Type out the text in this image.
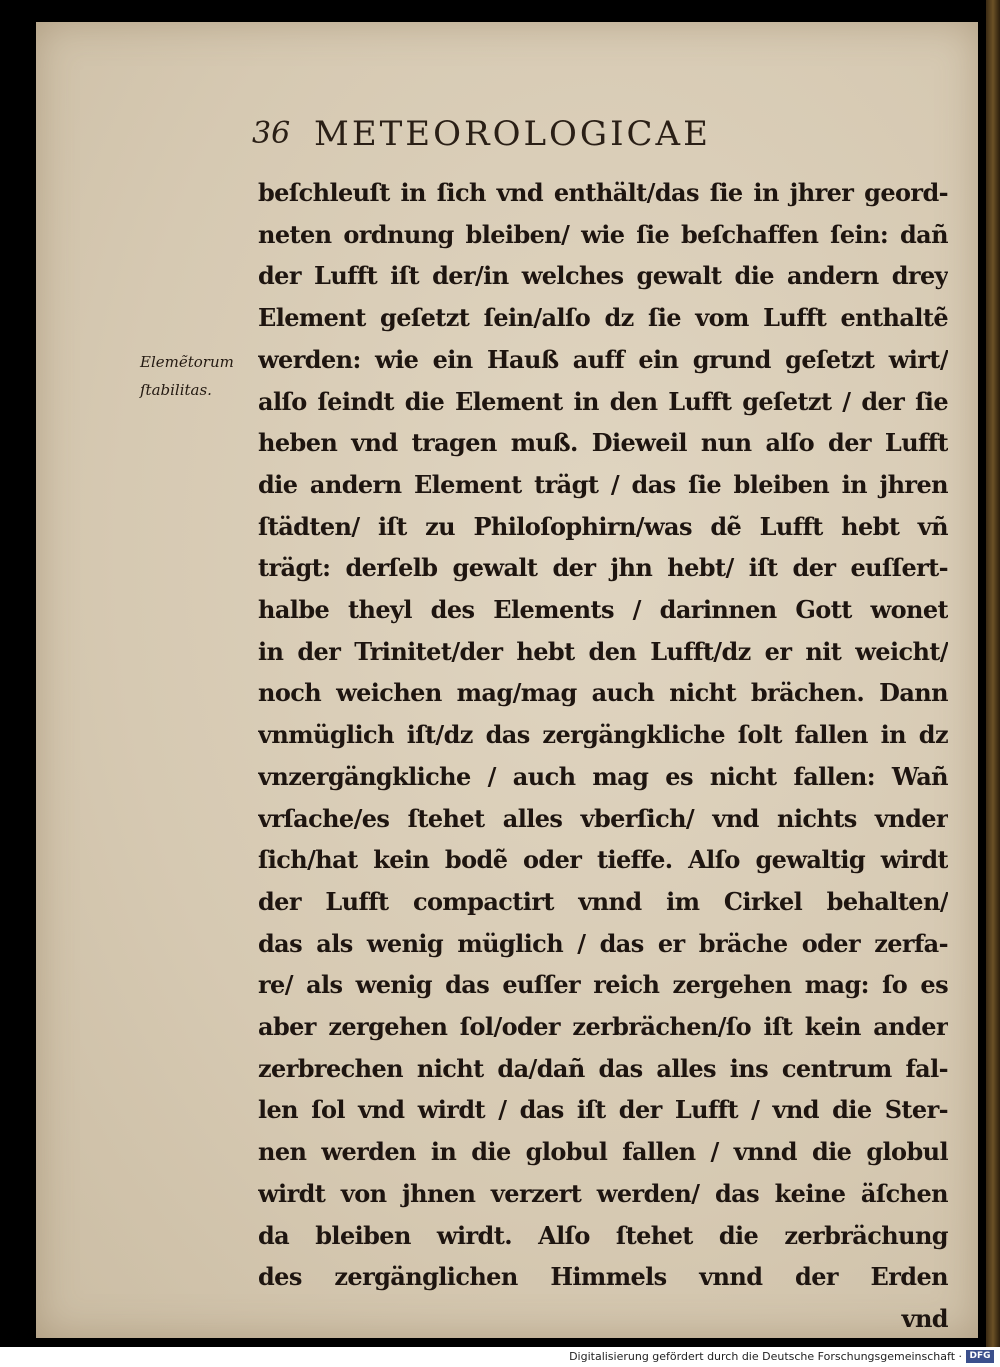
36 METEOROLOGICAE
Elemẽtorum
ſtabilitas.
beſchleuſt in ſich vnd enthält/das ſie in jhrer geord-
neten ordnung bleiben/ wie ſie beſchaffen ſein: dañ
der Lufft iſt der/in welches gewalt die andern drey
Element geſetzt ſein/alſo dz ſie vom Lufft enthaltẽ
werden: wie ein Hauß auff ein grund geſetzt wirt/
alſo ſeindt die Element in den Lufft geſetzt / der ſie
heben vnd tragen muß. Dieweil nun alſo der Lufft
die andern Element trägt / das ſie bleiben in jhren
ſtädten/ iſt zu Philoſophirn/was dẽ Lufft hebt vñ
trägt: derſelb gewalt der jhn hebt/ iſt der euſſert-
halbe theyl des Elements / darinnen Gott wonet
in der Trinitet/der hebt den Lufft/dz er nit weicht/
noch weichen mag/mag auch nicht brächen. Dann
vnmüglich iſt/dz das zergängkliche ſolt fallen in dz
vnzergängkliche / auch mag es nicht fallen: Wañ
vrſache/es ſtehet alles vberſich/ vnd nichts vnder
ſich/hat kein bodẽ oder tieffe. Alſo gewaltig wirdt
der Lufft compactirt vnnd im Cirkel behalten/
das als wenig müglich / das er bräche oder zerfa-
re/ als wenig das euſſer reich zergehen mag: ſo es
aber zergehen ſol/oder zerbrächen/ſo iſt kein ander
zerbrechen nicht da/dañ das alles ins centrum fal-
len ſol vnd wirdt / das iſt der Lufft / vnd die Ster-
nen werden in die globul fallen / vnnd die globul
wirdt von jhnen verzert werden/ das keine äſchen
da bleiben wirdt. Alſo ſtehet die zerbrächung
des zergänglichen Himmels vnnd der Erden
vnd
Digitalisierung gefördert durch die Deutsche Forschungsgemeinschaft · DFG
